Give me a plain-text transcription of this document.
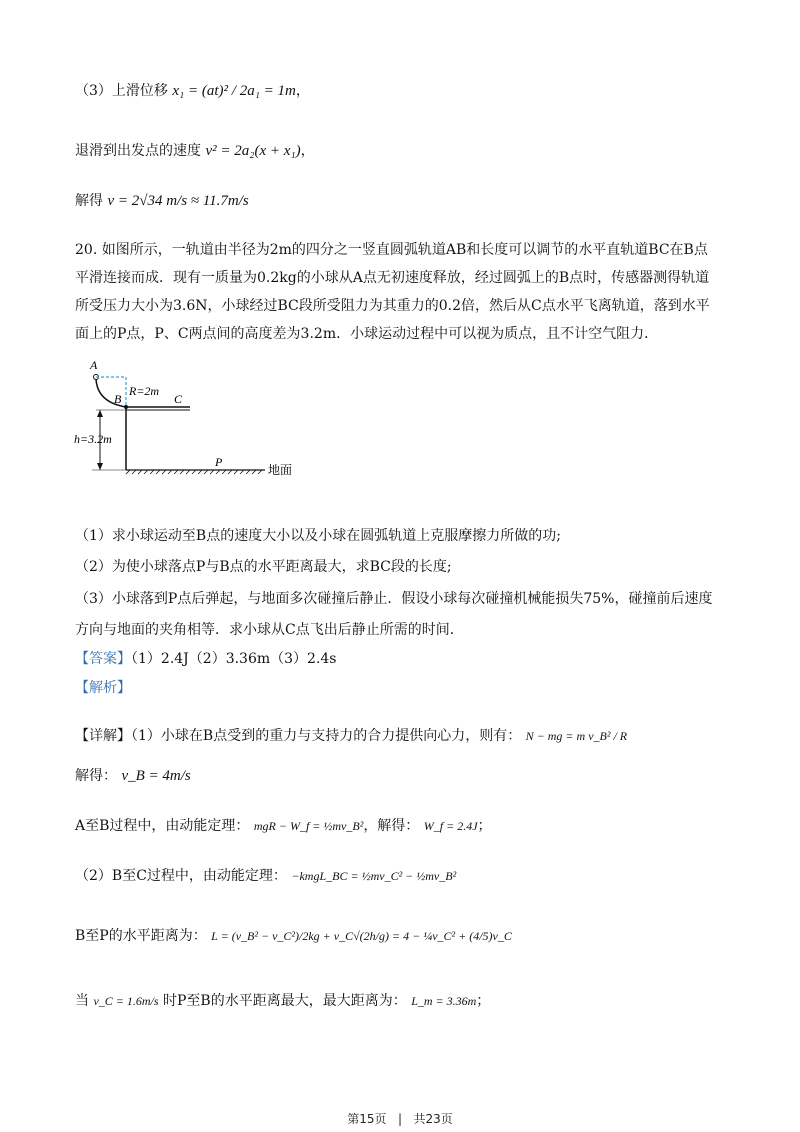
（3）上滑位移 x₁ = (at)² / 2a₁ = 1m，
退滑到出发点的速度 v² = 2a₂(x + x₁)，
解得 v = 2√34 m/s ≈ 11.7m/s
20. 如图所示，一轨道由半径为2m的四分之一竖直圆弧轨道AB和长度可以调节的水平直轨道BC在B点
平滑连接而成．现有一质量为0.2kg的小球从A点无初速度释放，经过圆弧上的B点时，传感器测得轨道
所受压力大小为3.6N，小球经过BC段所受阻力为其重力的0.2倍，然后从C点水平飞离轨道，落到水平
面上的P点，P、C两点间的高度差为3.2m．小球运动过程中可以视为质点，且不计空气阻力．
A
B	C
R=2m
h=3.2m
P
地面
（1）求小球运动至B点的速度大小以及小球在圆弧轨道上克服摩擦力所做的功;
（2）为使小球落点P与B点的水平距离最大，求BC段的长度;
（3）小球落到P点后弹起，与地面多次碰撞后静止．假设小球每次碰撞机械能损失75%，碰撞前后速度
方向与地面的夹角相等．求小球从C点飞出后静止所需的时间．
【答案】（1）2.4J（2）3.36m（3）2.4s
【解析】
【详解】（1）小球在B点受到的重力与支持力的合力提供向心力，则有： N − mg = m v_B² / R
解得： v_B = 4m/s
A至B过程中，由动能定理： mgR − W_f = ½mv_B²，解得： W_f = 2.4J；
（2）B至C过程中，由动能定理： −kmgL_BC = ½mv_C² − ½mv_B²
B至P的水平距离为： L = (v_B² − v_C²)/2kg + v_C√(2h/g) = 4 − ¼v_C² + (4/5)v_C
当 v_C = 1.6m/s 时P至B的水平距离最大，最大距离为： L_m = 3.36m；
第15页 | 共23页
